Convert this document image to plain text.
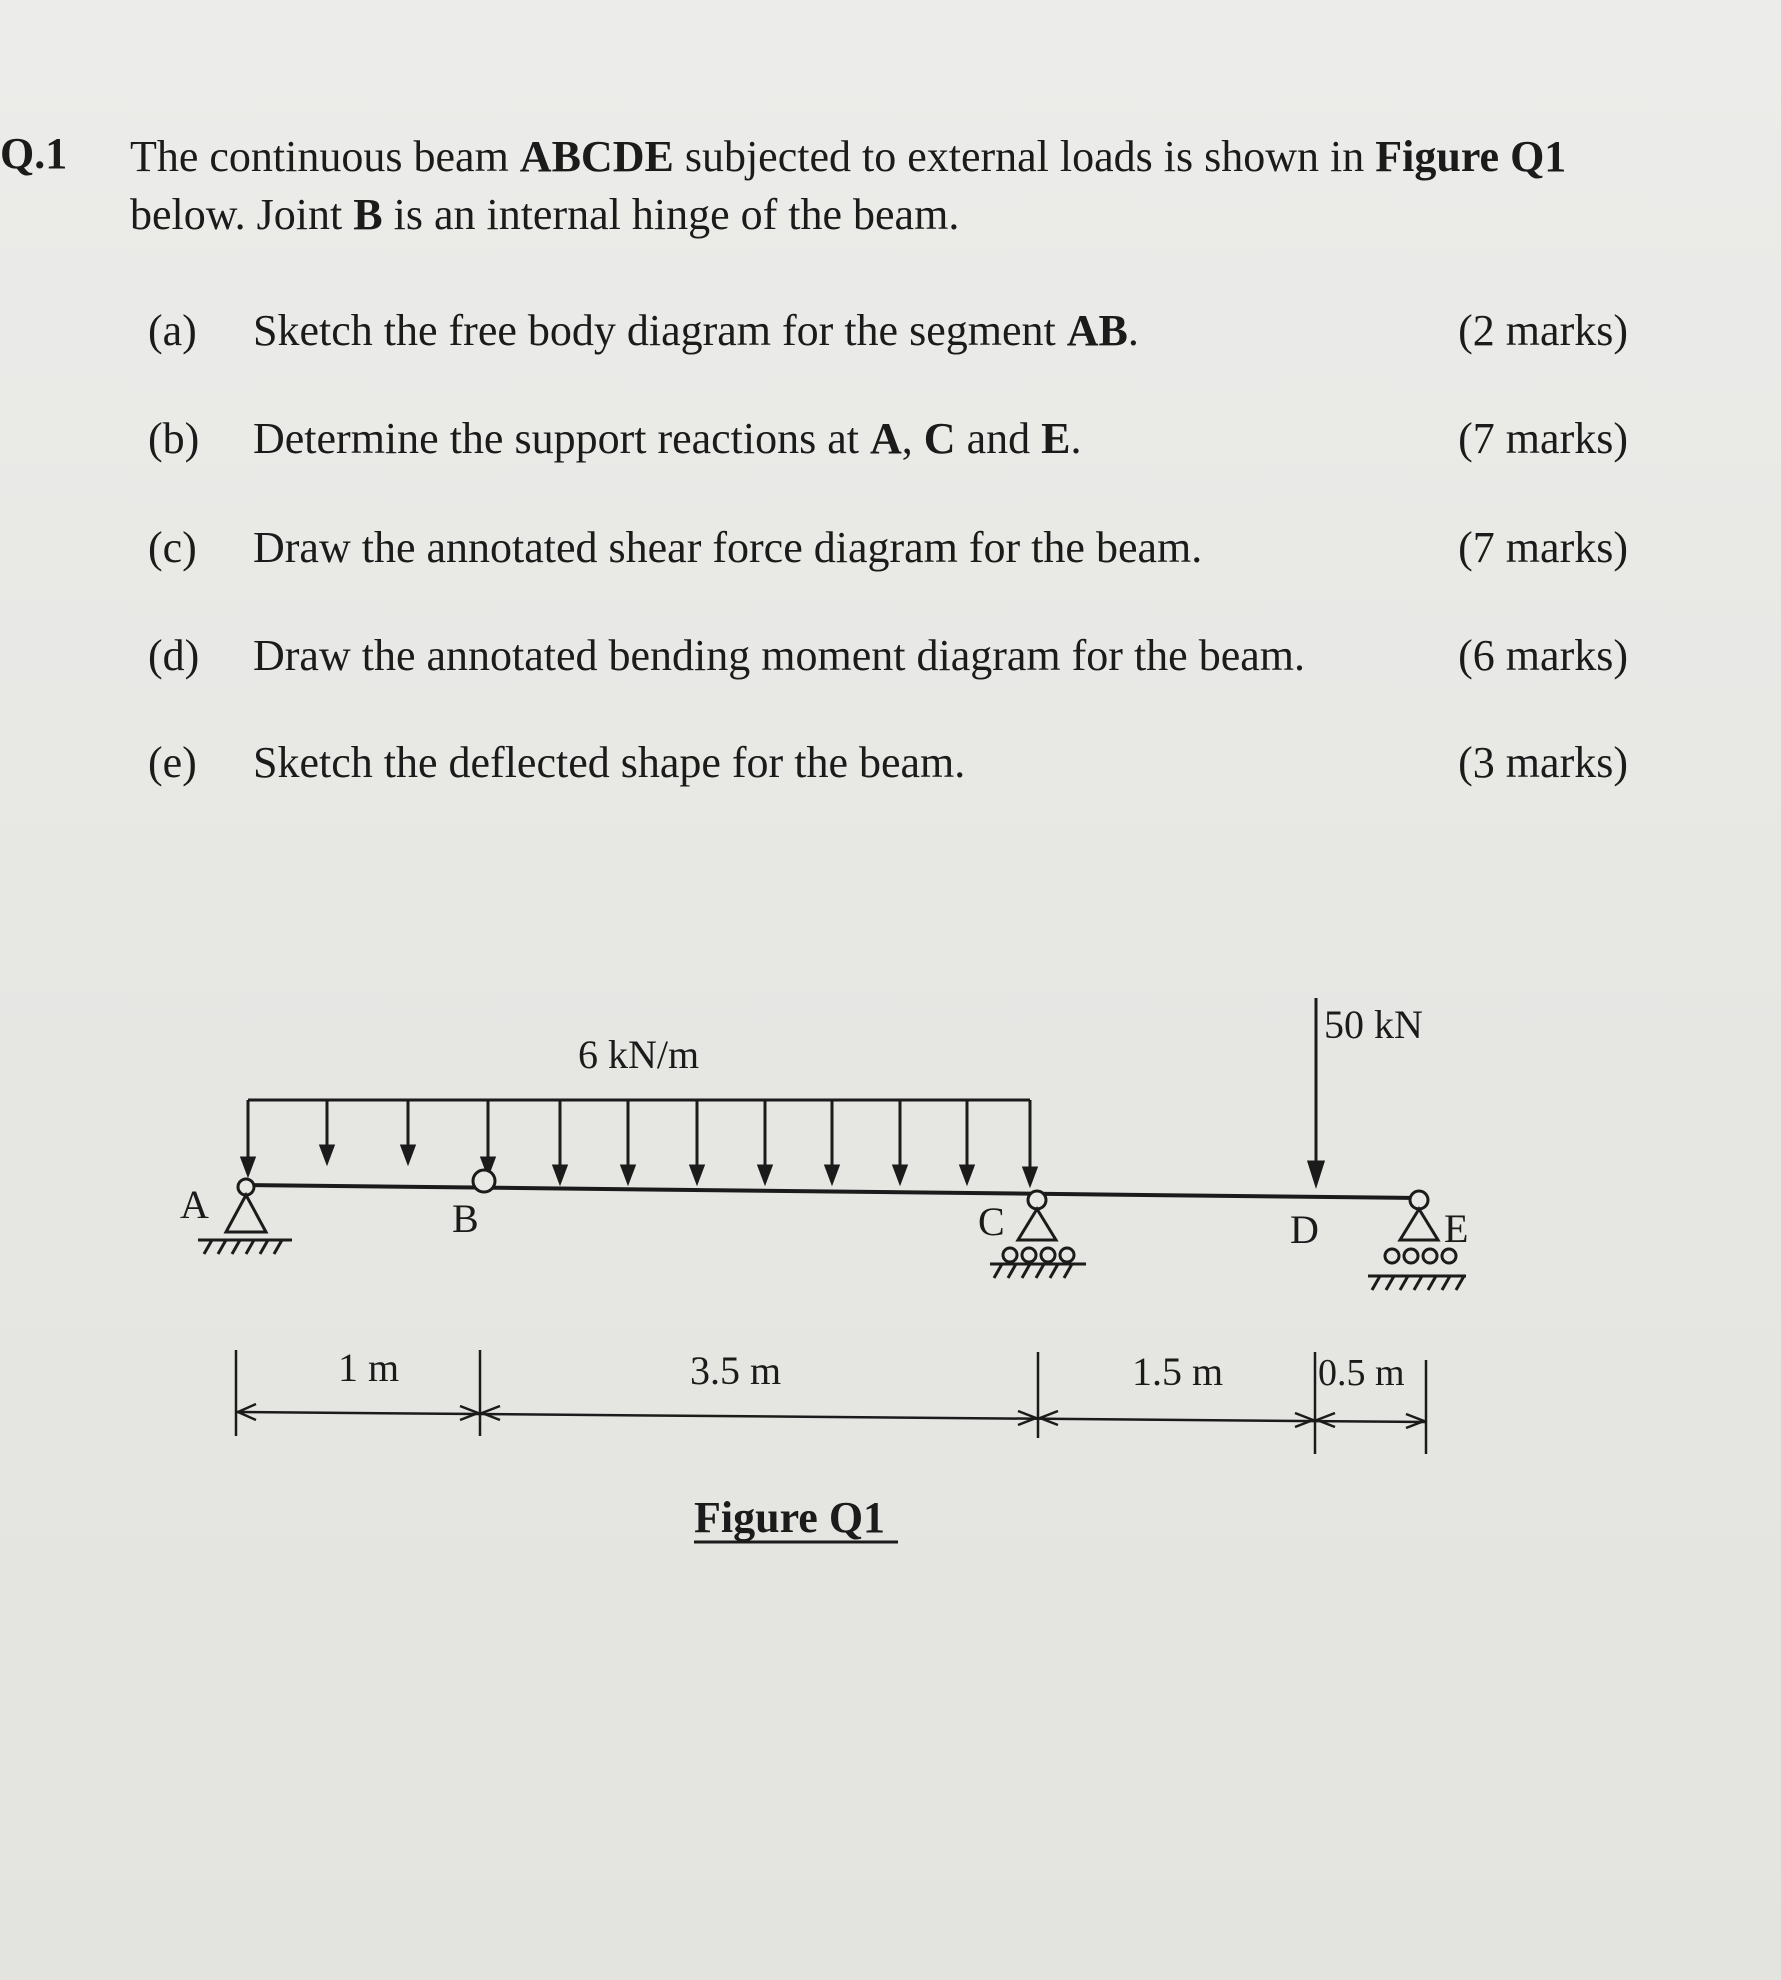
Q.1 The continuous beam ABCDE subjected to external loads is shown in Figure Q1
below. Joint B is an internal hinge of the beam.
(a) Sketch the free body diagram for the segment AB.	(2 marks)
(b) Determine the support reactions at A, C and E.	(7 marks)
(c) Draw the annotated shear force diagram for the beam.	(7 marks)
(d) Draw the annotated bending moment diagram for the beam.	(6 marks)
(e) Sketch the deflected shape for the beam.	(3 marks)
6 kN/m
50 kN
A	B	C	D	E
1 m	3.5 m	1.5 m 0.5 m
Figure Q1
